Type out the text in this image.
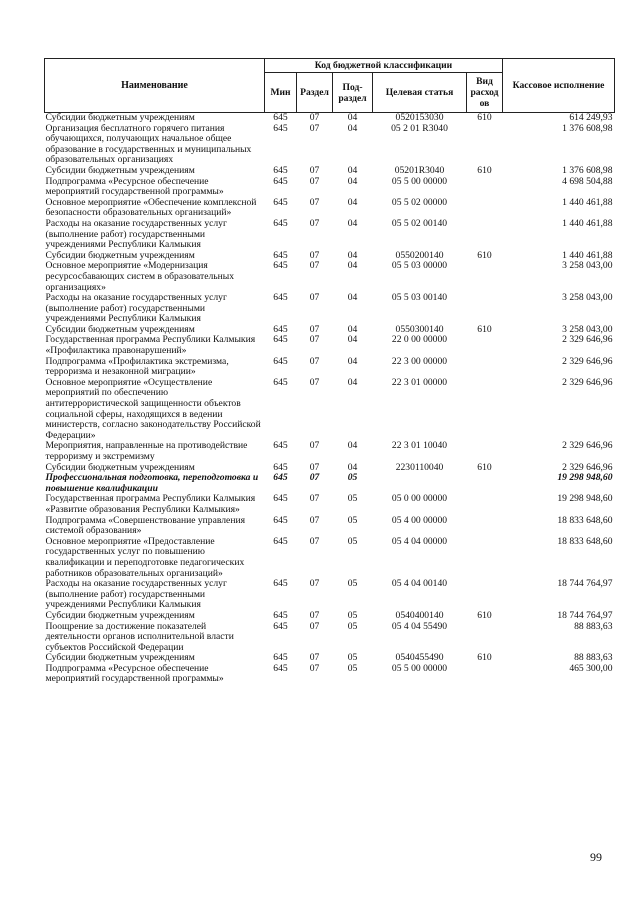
Наименование	Код бюджетной классификации					Кассовое исполнение
	Мин	Раздел	Под-раздел	Целевая статья	Вид расход ов	
Субсидии бюджетным учреждениям	645	07	04	0520153030	610	614 249,93
Организация бесплатного горячего питания обучающихся, получающих начальное общее образование в государственных и муниципальных образовательных организациях	645	07	04	05 2 01 R3040		1 376 608,98
Субсидии бюджетным учреждениям	645	07	04	05201R3040	610	1 376 608,98
Подпрограмма «Ресурсное обеспечение мероприятий государственной программы»	645	07	04	05 5 00 00000		4 698 504,88
Основное мероприятие «Обеспечение комплексной безопасности образовательных организаций»	645	07	04	05 5 02 00000		1 440 461,88
Расходы на оказание государственных услуг (выполнение работ) государственными учреждениями Республики Калмыкия	645	07	04	05 5 02 00140		1 440 461,88
Субсидии бюджетным учреждениям	645	07	04	0550200140	610	1 440 461,88
Основное мероприятие «Модернизация ресурсосбавающих систем в образовательных организациях»	645	07	04	05 5 03 00000		3 258 043,00
Расходы на оказание государственных услуг (выполнение работ) государственными учреждениями Республики Калмыкия	645	07	04	05 5 03 00140		3 258 043,00
Субсидии бюджетным учреждениям	645	07	04	0550300140	610	3 258 043,00
Государственная программа Республики Калмыкия «Профилактика правонарушений»	645	07	04	22 0 00 00000		2 329 646,96
Подпрограмма «Профилактика экстремизма, терроризма и незаконной миграции»	645	07	04	22 3 00 00000		2 329 646,96
Основное мероприятие «Осуществление мероприятий по обеспечению антитеррористической защищенности объектов социальной сферы, находящихся в ведении министерств, согласно законодательству Российской Федерации»	645	07	04	22 3 01 00000		2 329 646,96
Мероприятия, направленные на противодействие терроризму и экстремизму	645	07	04	22 3 01 10040		2 329 646,96
Субсидии бюджетным учреждениям	645	07	04	2230110040	610	2 329 646,96
Профессиональная подготовка, переподготовка и повышение квалификации	645	07	05			19 298 948,60
Государственная программа Республики Калмыкия «Развитие образования Республики Калмыкия»	645	07	05	05 0 00 00000		19 298 948,60
Подпрограмма «Совершенствование управления системой образования»	645	07	05	05 4 00 00000		18 833 648,60
Основное мероприятие «Предоставление государственных услуг по повышению квалификации и переподготовке педагогических работников образовательных организаций»	645	07	05	05 4 04 00000		18 833 648,60
Расходы на оказание государственных услуг (выполнение работ) государственными учреждениями Республики Калмыкия	645	07	05	05 4 04 00140		18 744 764,97
Субсидии бюджетным учреждениям	645	07	05	0540400140	610	18 744 764,97
Поощрение за достижение показателей деятельности органов исполнительной власти субъектов Российской Федерации	645	07	05	05 4 04 55490		88 883,63
Субсидии бюджетным учреждениям	645	07	05	0540455490	610	88 883,63
Подпрограмма «Ресурсное обеспечение мероприятий государственной программы»	645	07	05	05 5 00 00000		465 300,00
99
